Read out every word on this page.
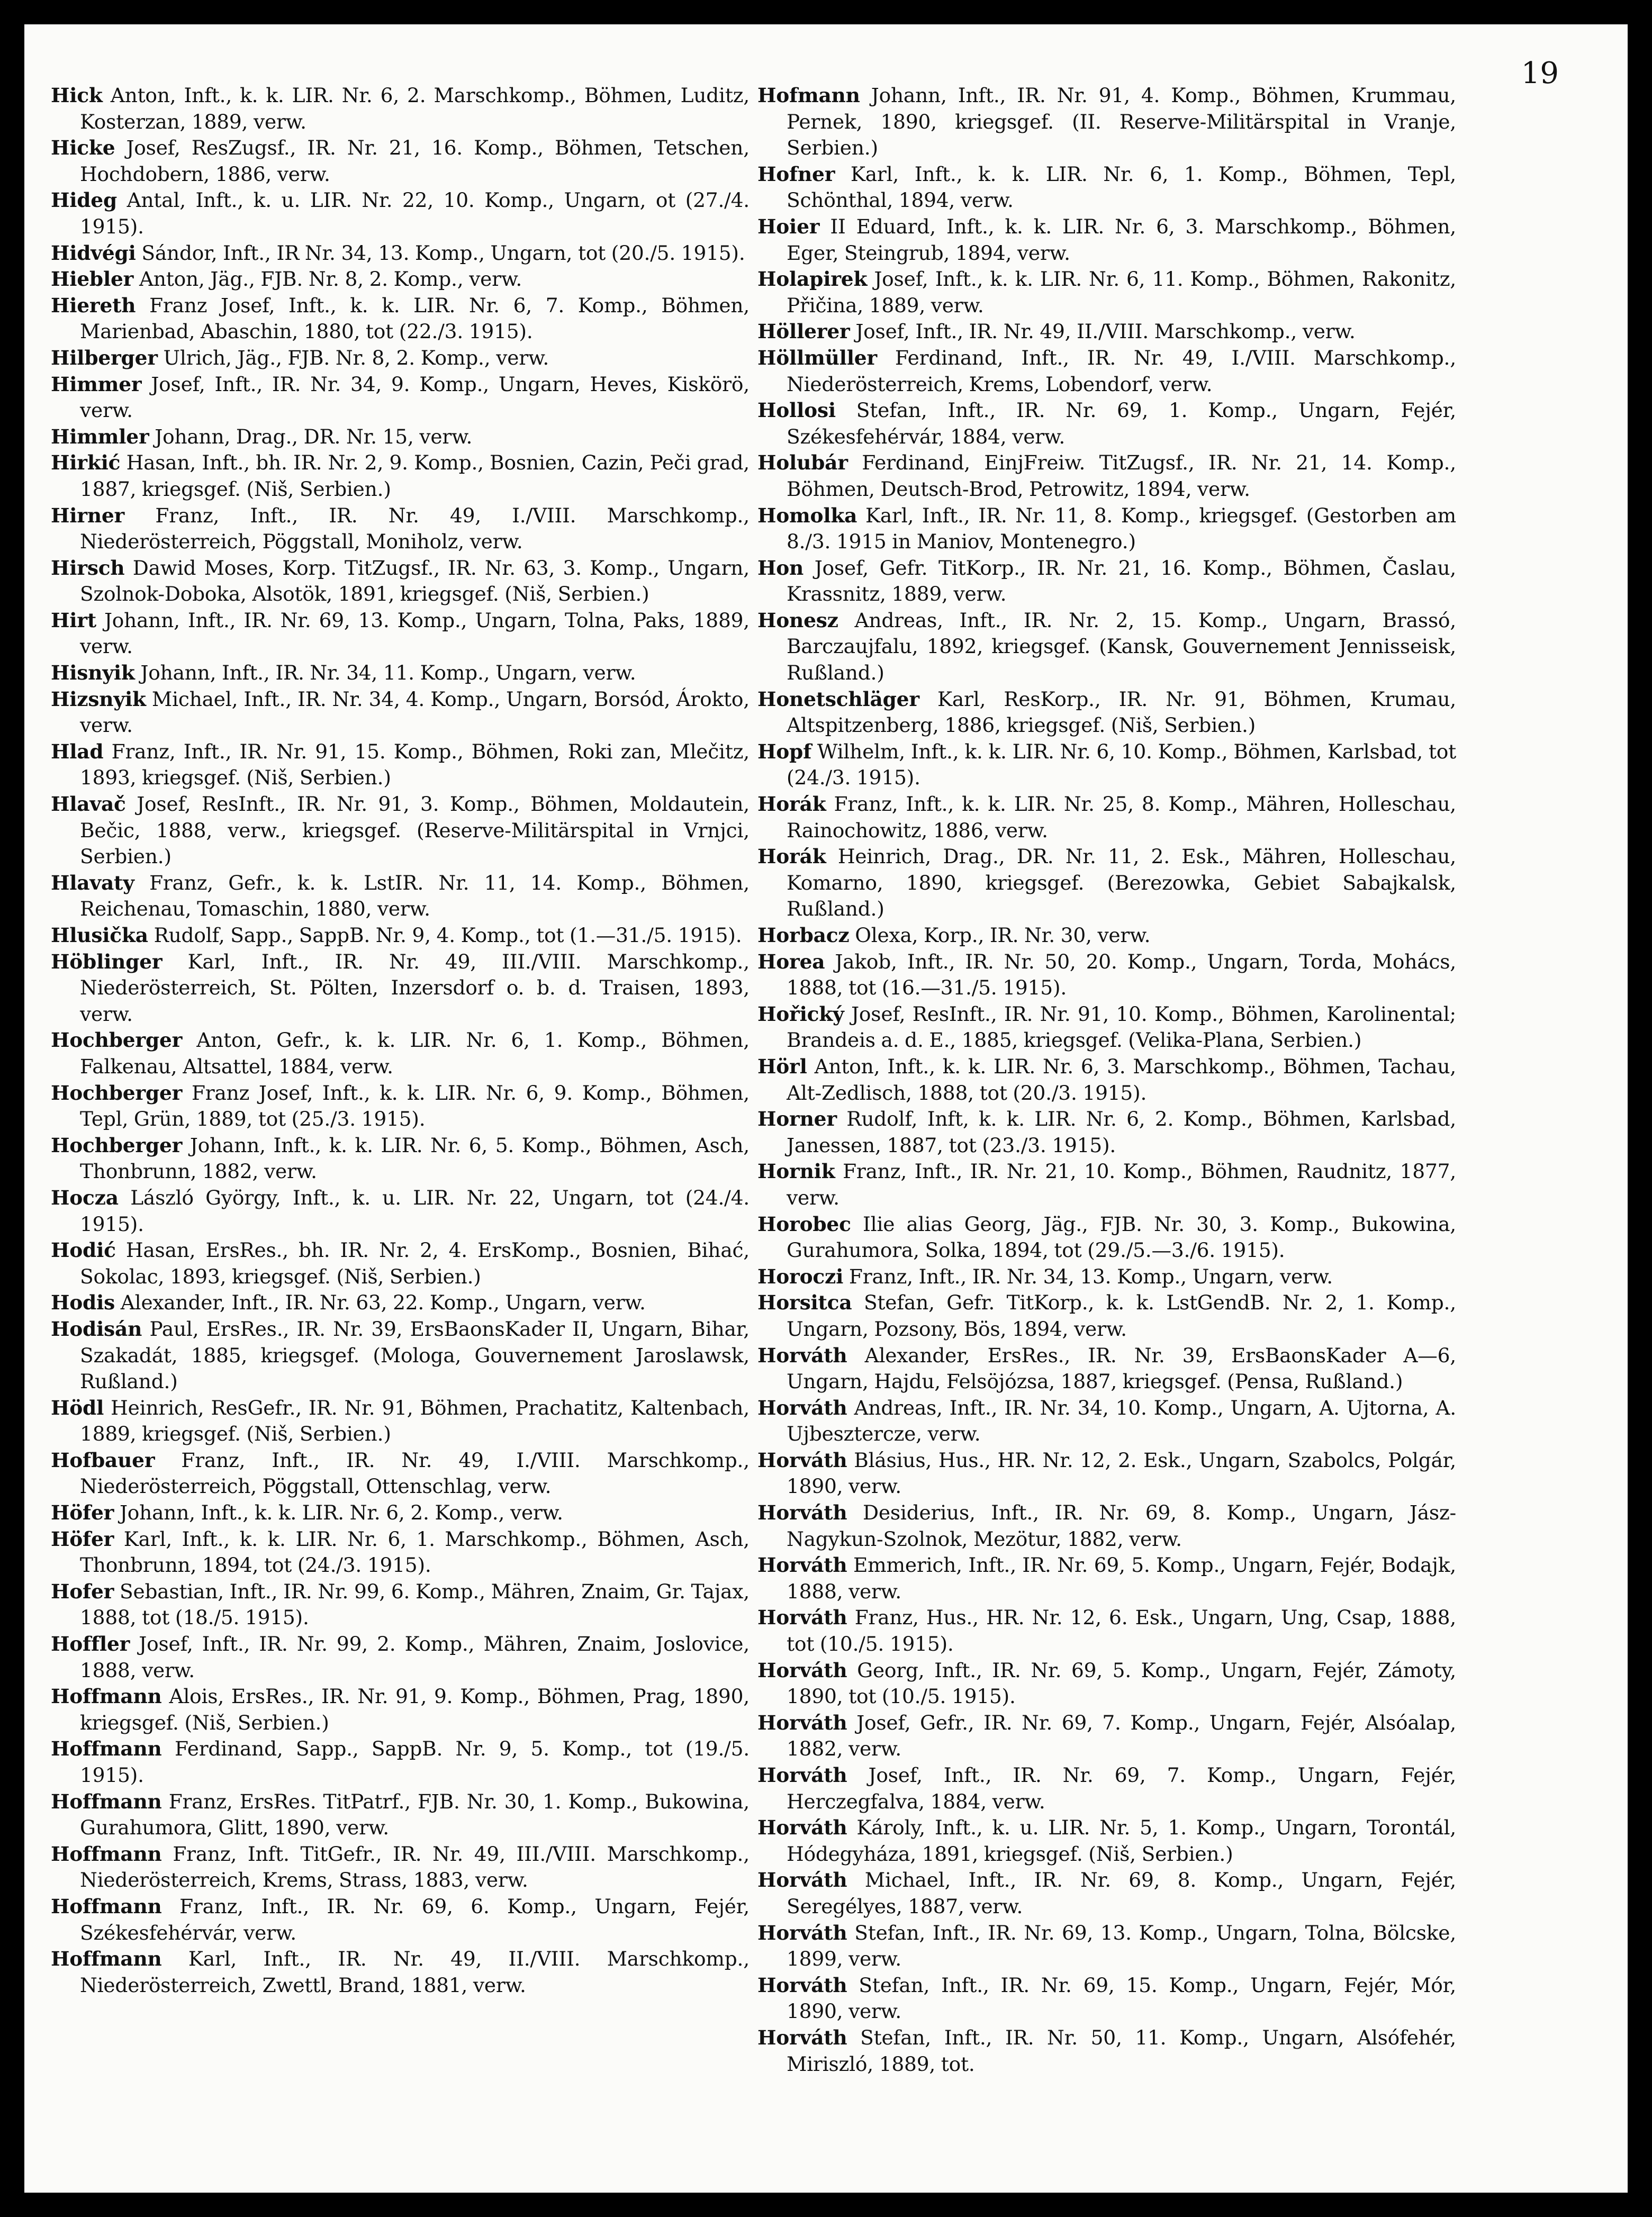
19

Hick Anton, Inft., k. k. LIR. Nr. 6, 2. Marschkomp., Böhmen, Luditz, Kosterzan, 1889, verw.

Hicke Josef, ResZugsf., IR. Nr. 21, 16. Komp., Böhmen, Tetschen, Hochdobern, 1886, verw.

Hideg Antal, Inft., k. u. LIR. Nr. 22, 10. Komp., Ungarn, ot (27./4. 1915).

Hidvégi Sándor, Inft., IR Nr. 34, 13. Komp., Ungarn, tot (20./5. 1915).

Hiebler Anton, Jäg., FJB. Nr. 8, 2. Komp., verw.

Hiereth Franz Josef, Inft., k. k. LIR. Nr. 6, 7. Komp., Böhmen, Marienbad, Abaschin, 1880, tot (22./3. 1915).

Hilberger Ulrich, Jäg., FJB. Nr. 8, 2. Komp., verw.

Himmer Josef, Inft., IR. Nr. 34, 9. Komp., Ungarn, Heves, Kiskörö, verw.

Himmler Johann, Drag., DR. Nr. 15, verw.

Hirkić Hasan, Inft., bh. IR. Nr. 2, 9. Komp., Bosnien, Cazin, Peči grad, 1887, kriegsgef. (Niš, Serbien.)

Hirner Franz, Inft., IR. Nr. 49, I./VIII. Marschkomp., Niederösterreich, Pöggstall, Moniholz, verw.

Hirsch Dawid Moses, Korp. TitZugsf., IR. Nr. 63, 3. Komp., Ungarn, Szolnok-Doboka, Alsotök, 1891, kriegsgef. (Niš, Serbien.)

Hirt Johann, Inft., IR. Nr. 69, 13. Komp., Ungarn, Tolna, Paks, 1889, verw.

Hisnyik Johann, Inft., IR. Nr. 34, 11. Komp., Ungarn, verw.

Hizsnyik Michael, Inft., IR. Nr. 34, 4. Komp., Ungarn, Borsód, Árokto, verw.

Hlad Franz, Inft., IR. Nr. 91, 15. Komp., Böhmen, Roki zan, Mlečitz, 1893, kriegsgef. (Niš, Serbien.)

Hlavač Josef, ResInft., IR. Nr. 91, 3. Komp., Böhmen, Moldautein, Bečic, 1888, verw., kriegsgef. (Reserve-Militärspital in Vrnjci, Serbien.)

Hlavaty Franz, Gefr., k. k. LstIR. Nr. 11, 14. Komp., Böhmen, Reichenau, Tomaschin, 1880, verw.

Hlusička Rudolf, Sapp., SappB. Nr. 9, 4. Komp., tot (1.—31./5. 1915).

Höblinger Karl, Inft., IR. Nr. 49, III./VIII. Marschkomp., Niederösterreich, St. Pölten, Inzersdorf o. b. d. Traisen, 1893, verw.

Hochberger Anton, Gefr., k. k. LIR. Nr. 6, 1. Komp., Böhmen, Falkenau, Altsattel, 1884, verw.

Hochberger Franz Josef, Inft., k. k. LIR. Nr. 6, 9. Komp., Böhmen, Tepl, Grün, 1889, tot (25./3. 1915).

Hochberger Johann, Inft., k. k. LIR. Nr. 6, 5. Komp., Böhmen, Asch, Thonbrunn, 1882, verw.

Hocza László György, Inft., k. u. LIR. Nr. 22, Ungarn, tot (24./4. 1915).

Hodić Hasan, ErsRes., bh. IR. Nr. 2, 4. ErsKomp., Bosnien, Bihać, Sokolac, 1893, kriegsgef. (Niš, Serbien.)

Hodis Alexander, Inft., IR. Nr. 63, 22. Komp., Ungarn, verw.

Hodisán Paul, ErsRes., IR. Nr. 39, ErsBaonsKader II, Ungarn, Bihar, Szakadát, 1885, kriegsgef. (Mologa, Gouvernement Jaroslawsk, Rußland.)

Hödl Heinrich, ResGefr., IR. Nr. 91, Böhmen, Prachatitz, Kaltenbach, 1889, kriegsgef. (Niš, Serbien.)

Hofbauer Franz, Inft., IR. Nr. 49, I./VIII. Marschkomp., Niederösterreich, Pöggstall, Ottenschlag, verw.

Höfer Johann, Inft., k. k. LIR. Nr. 6, 2. Komp., verw.

Höfer Karl, Inft., k. k. LIR. Nr. 6, 1. Marschkomp., Böhmen, Asch, Thonbrunn, 1894, tot (24./3. 1915).

Hofer Sebastian, Inft., IR. Nr. 99, 6. Komp., Mähren, Znaim, Gr. Tajax, 1888, tot (18./5. 1915).

Hoffler Josef, Inft., IR. Nr. 99, 2. Komp., Mähren, Znaim, Joslovice, 1888, verw.

Hoffmann Alois, ErsRes., IR. Nr. 91, 9. Komp., Böhmen, Prag, 1890, kriegsgef. (Niš, Serbien.)

Hoffmann Ferdinand, Sapp., SappB. Nr. 9, 5. Komp., tot (19./5. 1915).

Hoffmann Franz, ErsRes. TitPatrf., FJB. Nr. 30, 1. Komp., Bukowina, Gurahumora, Glitt, 1890, verw.

Hoffmann Franz, Inft. TitGefr., IR. Nr. 49, III./VIII. Marschkomp., Niederösterreich, Krems, Strass, 1883, verw.

Hoffmann Franz, Inft., IR. Nr. 69, 6. Komp., Ungarn, Fejér, Székesfehérvár, verw.

Hoffmann Karl, Inft., IR. Nr. 49, II./VIII. Marschkomp., Niederösterreich, Zwettl, Brand, 1881, verw.

Hofmann Johann, Inft., IR. Nr. 91, 4. Komp., Böhmen, Krummau, Pernek, 1890, kriegsgef. (II. Reserve-Militärspital in Vranje, Serbien.)

Hofner Karl, Inft., k. k. LIR. Nr. 6, 1. Komp., Böhmen, Tepl, Schönthal, 1894, verw.

Hoier II Eduard, Inft., k. k. LIR. Nr. 6, 3. Marschkomp., Böhmen, Eger, Steingrub, 1894, verw.

Holapirek Josef, Inft., k. k. LIR. Nr. 6, 11. Komp., Böhmen, Rakonitz, Přičina, 1889, verw.

Höllerer Josef, Inft., IR. Nr. 49, II./VIII. Marschkomp., verw.

Höllmüller Ferdinand, Inft., IR. Nr. 49, I./VIII. Marschkomp., Niederösterreich, Krems, Lobendorf, verw.

Hollosi Stefan, Inft., IR. Nr. 69, 1. Komp., Ungarn, Fejér, Székesfehérvár, 1884, verw.

Holubár Ferdinand, EinjFreiw. TitZugsf., IR. Nr. 21, 14. Komp., Böhmen, Deutsch-Brod, Petrowitz, 1894, verw.

Homolka Karl, Inft., IR. Nr. 11, 8. Komp., kriegsgef. (Gestorben am 8./3. 1915 in Maniov, Montenegro.)

Hon Josef, Gefr. TitKorp., IR. Nr. 21, 16. Komp., Böhmen, Časlau, Krassnitz, 1889, verw.

Honesz Andreas, Inft., IR. Nr. 2, 15. Komp., Ungarn, Brassó, Barczaujfalu, 1892, kriegsgef. (Kansk, Gouvernement Jennisseisk, Rußland.)

Honetschläger Karl, ResKorp., IR. Nr. 91, Böhmen, Krumau, Altspitzenberg, 1886, kriegsgef. (Niš, Serbien.)

Hopf Wilhelm, Inft., k. k. LIR. Nr. 6, 10. Komp., Böhmen, Karlsbad, tot (24./3. 1915).

Horák Franz, Inft., k. k. LIR. Nr. 25, 8. Komp., Mähren, Holleschau, Rainochowitz, 1886, verw.

Horák Heinrich, Drag., DR. Nr. 11, 2. Esk., Mähren, Holleschau, Komarno, 1890, kriegsgef. (Berezowka, Gebiet Sabajkalsk, Rußland.)

Horbacz Olexa, Korp., IR. Nr. 30, verw.

Horea Jakob, Inft., IR. Nr. 50, 20. Komp., Ungarn, Torda, Mohács, 1888, tot (16.—31./5. 1915).

Hořický Josef, ResInft., IR. Nr. 91, 10. Komp., Böhmen, Karolinental; Brandeis a. d. E., 1885, kriegsgef. (Velika-Plana, Serbien.)

Hörl Anton, Inft., k. k. LIR. Nr. 6, 3. Marschkomp., Böhmen, Tachau, Alt-Zedlisch, 1888, tot (20./3. 1915).

Horner Rudolf, Inft, k. k. LIR. Nr. 6, 2. Komp., Böhmen, Karlsbad, Janessen, 1887, tot (23./3. 1915).

Hornik Franz, Inft., IR. Nr. 21, 10. Komp., Böhmen, Raudnitz, 1877, verw.

Horobec Ilie alias Georg, Jäg., FJB. Nr. 30, 3. Komp., Bukowina, Gurahumora, Solka, 1894, tot (29./5.—3./6. 1915).

Horoczi Franz, Inft., IR. Nr. 34, 13. Komp., Ungarn, verw.

Horsitca Stefan, Gefr. TitKorp., k. k. LstGendB. Nr. 2, 1. Komp., Ungarn, Pozsony, Bös, 1894, verw.

Horváth Alexander, ErsRes., IR. Nr. 39, ErsBaonsKader A—6, Ungarn, Hajdu, Felsöjózsa, 1887, kriegsgef. (Pensa, Rußland.)

Horváth Andreas, Inft., IR. Nr. 34, 10. Komp., Ungarn, A. Ujtorna, A. Ujbesztercze, verw.

Horváth Blásius, Hus., HR. Nr. 12, 2. Esk., Ungarn, Szabolcs, Polgár, 1890, verw.

Horváth Desiderius, Inft., IR. Nr. 69, 8. Komp., Ungarn, Jász-Nagykun-Szolnok, Mezötur, 1882, verw.

Horváth Emmerich, Inft., IR. Nr. 69, 5. Komp., Ungarn, Fejér, Bodajk, 1888, verw.

Horváth Franz, Hus., HR. Nr. 12, 6. Esk., Ungarn, Ung, Csap, 1888, tot (10./5. 1915).

Horváth Georg, Inft., IR. Nr. 69, 5. Komp., Ungarn, Fejér, Zámoty, 1890, tot (10./5. 1915).

Horváth Josef, Gefr., IR. Nr. 69, 7. Komp., Ungarn, Fejér, Alsóalap, 1882, verw.

Horváth Josef, Inft., IR. Nr. 69, 7. Komp., Ungarn, Fejér, Herczegfalva, 1884, verw.

Horváth Károly, Inft., k. u. LIR. Nr. 5, 1. Komp., Ungarn, Torontál, Hódegyháza, 1891, kriegsgef. (Niš, Serbien.)

Horváth Michael, Inft., IR. Nr. 69, 8. Komp., Ungarn, Fejér, Seregélyes, 1887, verw.

Horváth Stefan, Inft., IR. Nr. 69, 13. Komp., Ungarn, Tolna, Bölcske, 1899, verw.

Horváth Stefan, Inft., IR. Nr. 69, 15. Komp., Ungarn, Fejér, Mór, 1890, verw.

Horváth Stefan, Inft., IR. Nr. 50, 11. Komp., Ungarn, Alsófehér, Miriszló, 1889, tot.
